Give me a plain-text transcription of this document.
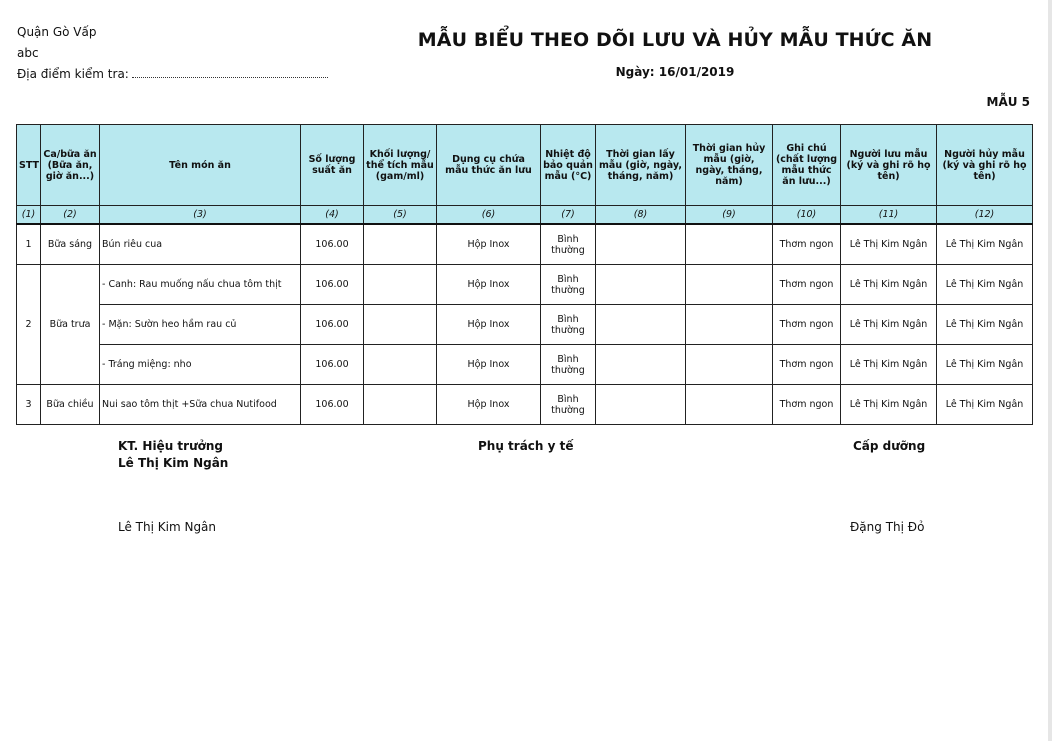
Quận Gò Vấp
abc
Địa điểm kiểm tra:
MẪU BIỂU THEO DÕI LƯU VÀ HỦY MẪU THỨC ĂN
Ngày: 16/01/2019
MẪU 5
STT	Ca/bữa ăn (Bữa ăn, giờ ăn...)	Tên món ăn	Số lượng suất ăn	Khối lượng/ thể tích mẫu (gam/ml)	Dụng cụ chứa mẫu thức ăn lưu	Nhiệt độ bảo quản mẫu (°C)	Thời gian lấy mẫu (giờ, ngày, tháng, năm)	Thời gian hủy mẫu (giờ, ngày, tháng, năm)	Ghi chú (chất lượng mẫu thức ăn lưu...)	Người lưu mẫu (ký và ghi rõ họ tên)	Người hủy mẫu (ký và ghi rõ họ tên)
(1)	(2)	(3)	(4)	(5)	(6)	(7)	(8)	(9)	(10)	(11)	(12)
1	Bữa sáng	Bún riêu cua	106.00		Hộp Inox	Bình thường			Thơm ngon	Lê Thị Kim Ngân	Lê Thị Kim Ngân
2	Bữa trưa	- Canh: Rau muống nấu chua tôm thịt	106.00		Hộp Inox	Bình thường			Thơm ngon	Lê Thị Kim Ngân	Lê Thị Kim Ngân
		- Mặn: Sườn heo hầm rau củ	106.00		Hộp Inox	Bình thường			Thơm ngon	Lê Thị Kim Ngân	Lê Thị Kim Ngân
		- Tráng miệng: nho	106.00		Hộp Inox	Bình thường			Thơm ngon	Lê Thị Kim Ngân	Lê Thị Kim Ngân
3	Bữa chiều	Nui sao tôm thịt +Sữa chua Nutifood	106.00		Hộp Inox	Bình thường			Thơm ngon	Lê Thị Kim Ngân	Lê Thị Kim Ngân
KT. Hiệu trưởng
Lê Thị Kim Ngân
Phụ trách y tế	Cấp dưỡng
Lê Thị Kim Ngân	Đặng Thị Đỏ
